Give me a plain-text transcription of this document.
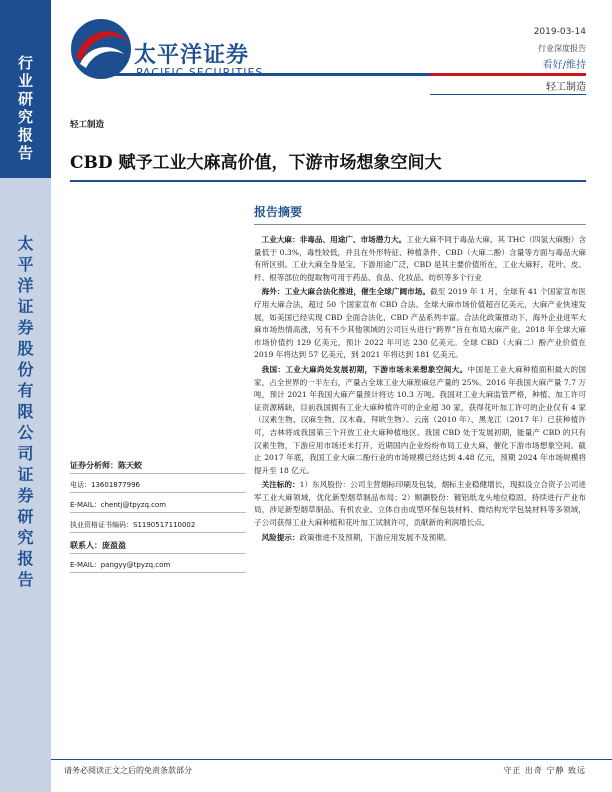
行
业
研
究
报
告
太
平
洋
证
券
股
份
有
限
公
司
证
券
研
究
报
告
太平洋证券
2019-03-14
行业深度报告
看好/维持
轻工制造
轻工制造
CBD 赋予工业大麻高价值，下游市场想象空间大
报告摘要

工业大麻：非毒品、用途广、市场潜力大。工业大麻不同于毒品大麻，其 THC（四氢大麻酚）含量低于 0.3%，毒性较低，并且在外形特征、种植条件、CBD（大麻二酚）含量等方面与毒品大麻有所区别。工业大麻全身是宝，下游用途广泛，CBD 是其主要价值所在，工业大麻籽、花叶、皮、杆、根等部位的提取物可用于药品、食品、化妆品、纺织等多个行业

海外：工业大麻合法化推进，催生全球广阔市场。截至 2019 年 1 月，全球有 41 个国家宣布医疗用大麻合法，超过 50 个国家宣布 CBD 合法。全球大麻市场价值超百亿美元，大麻产业快速发展，如美国已经实现 CBD 全面合法化，CBD 产品系列丰富。合法化政策推动下，海外企业进军大麻市场热情高涨，另有不少其他领域的公司巨头进行“跨界”旨在布局大麻产业。2018 年全球大麻市场价值约 129 亿美元，预计 2022 年可达 230 亿美元。全球 CBD（大麻二）酚产业价值在 2019 年将达到 57 亿美元，到 2021 年将达到 181 亿美元。

我国：工业大麻尚处发展初期，下游市场未来想象空间大。中国是工业大麻种植面积最大的国家，占全世界的一半左右，产量占全球工业大麻原麻总产量的 25%。2016 年我国大麻产量 7.7 万吨，预计 2021 年我国大麻产量预计将达 10.3 万吨。我国对工业大麻监管严格，种植、加工许可证资源稀缺，目前我国拥有工业大麻种植许可的企业超 30 家，获得花叶加工许可的企业仅有 4 家（汉素生物、汉麻生物、汉木森、拜欧生物）。云南（2010 年）、黑龙江（2017 年）已获种植许可，吉林将成我国第三个开放工业大麻种植地区。我国 CBD 处于发展初期，能量产 CBD 的只有汉素生物，下游应用市场还未打开，近期国内企业纷纷布局工业大麻，催化下游市场想象空间。截止 2017 年底，我国工业大麻二酚行业的市场规模已经达到 4.48 亿元，预期 2024 年市场规模将提升至 18 亿元。

关注标的：1）东风股份：公司主营烟标印刷及包装，烟标主业稳健增长，现拟设立合资子公司进军工业大麻领域，优化新型烟草制品布局；2）顺灏股份：镀铝纸龙头地位稳固，持续进行产业布局，涉足新型烟草制品、有机农业、立体自由成型环保包装材料、微结构光学包装材料等多领域，子公司获得工业大麻种植和花叶加工试制许可，贡献新的利润增长点。

风险提示：政策推进不及预期，下游应用发展不及预期。

证券分析师：陈天蛟
电话：13601877996
E-MAIL：chentj@tpyzq.com
执业资格证书编码：S1190517110002
联系人：庞盈盈
E-MAIL：pangyy@tpyzq.com
请务必阅读正文之后的免责条款部分	守正 出奇 宁静 致远
